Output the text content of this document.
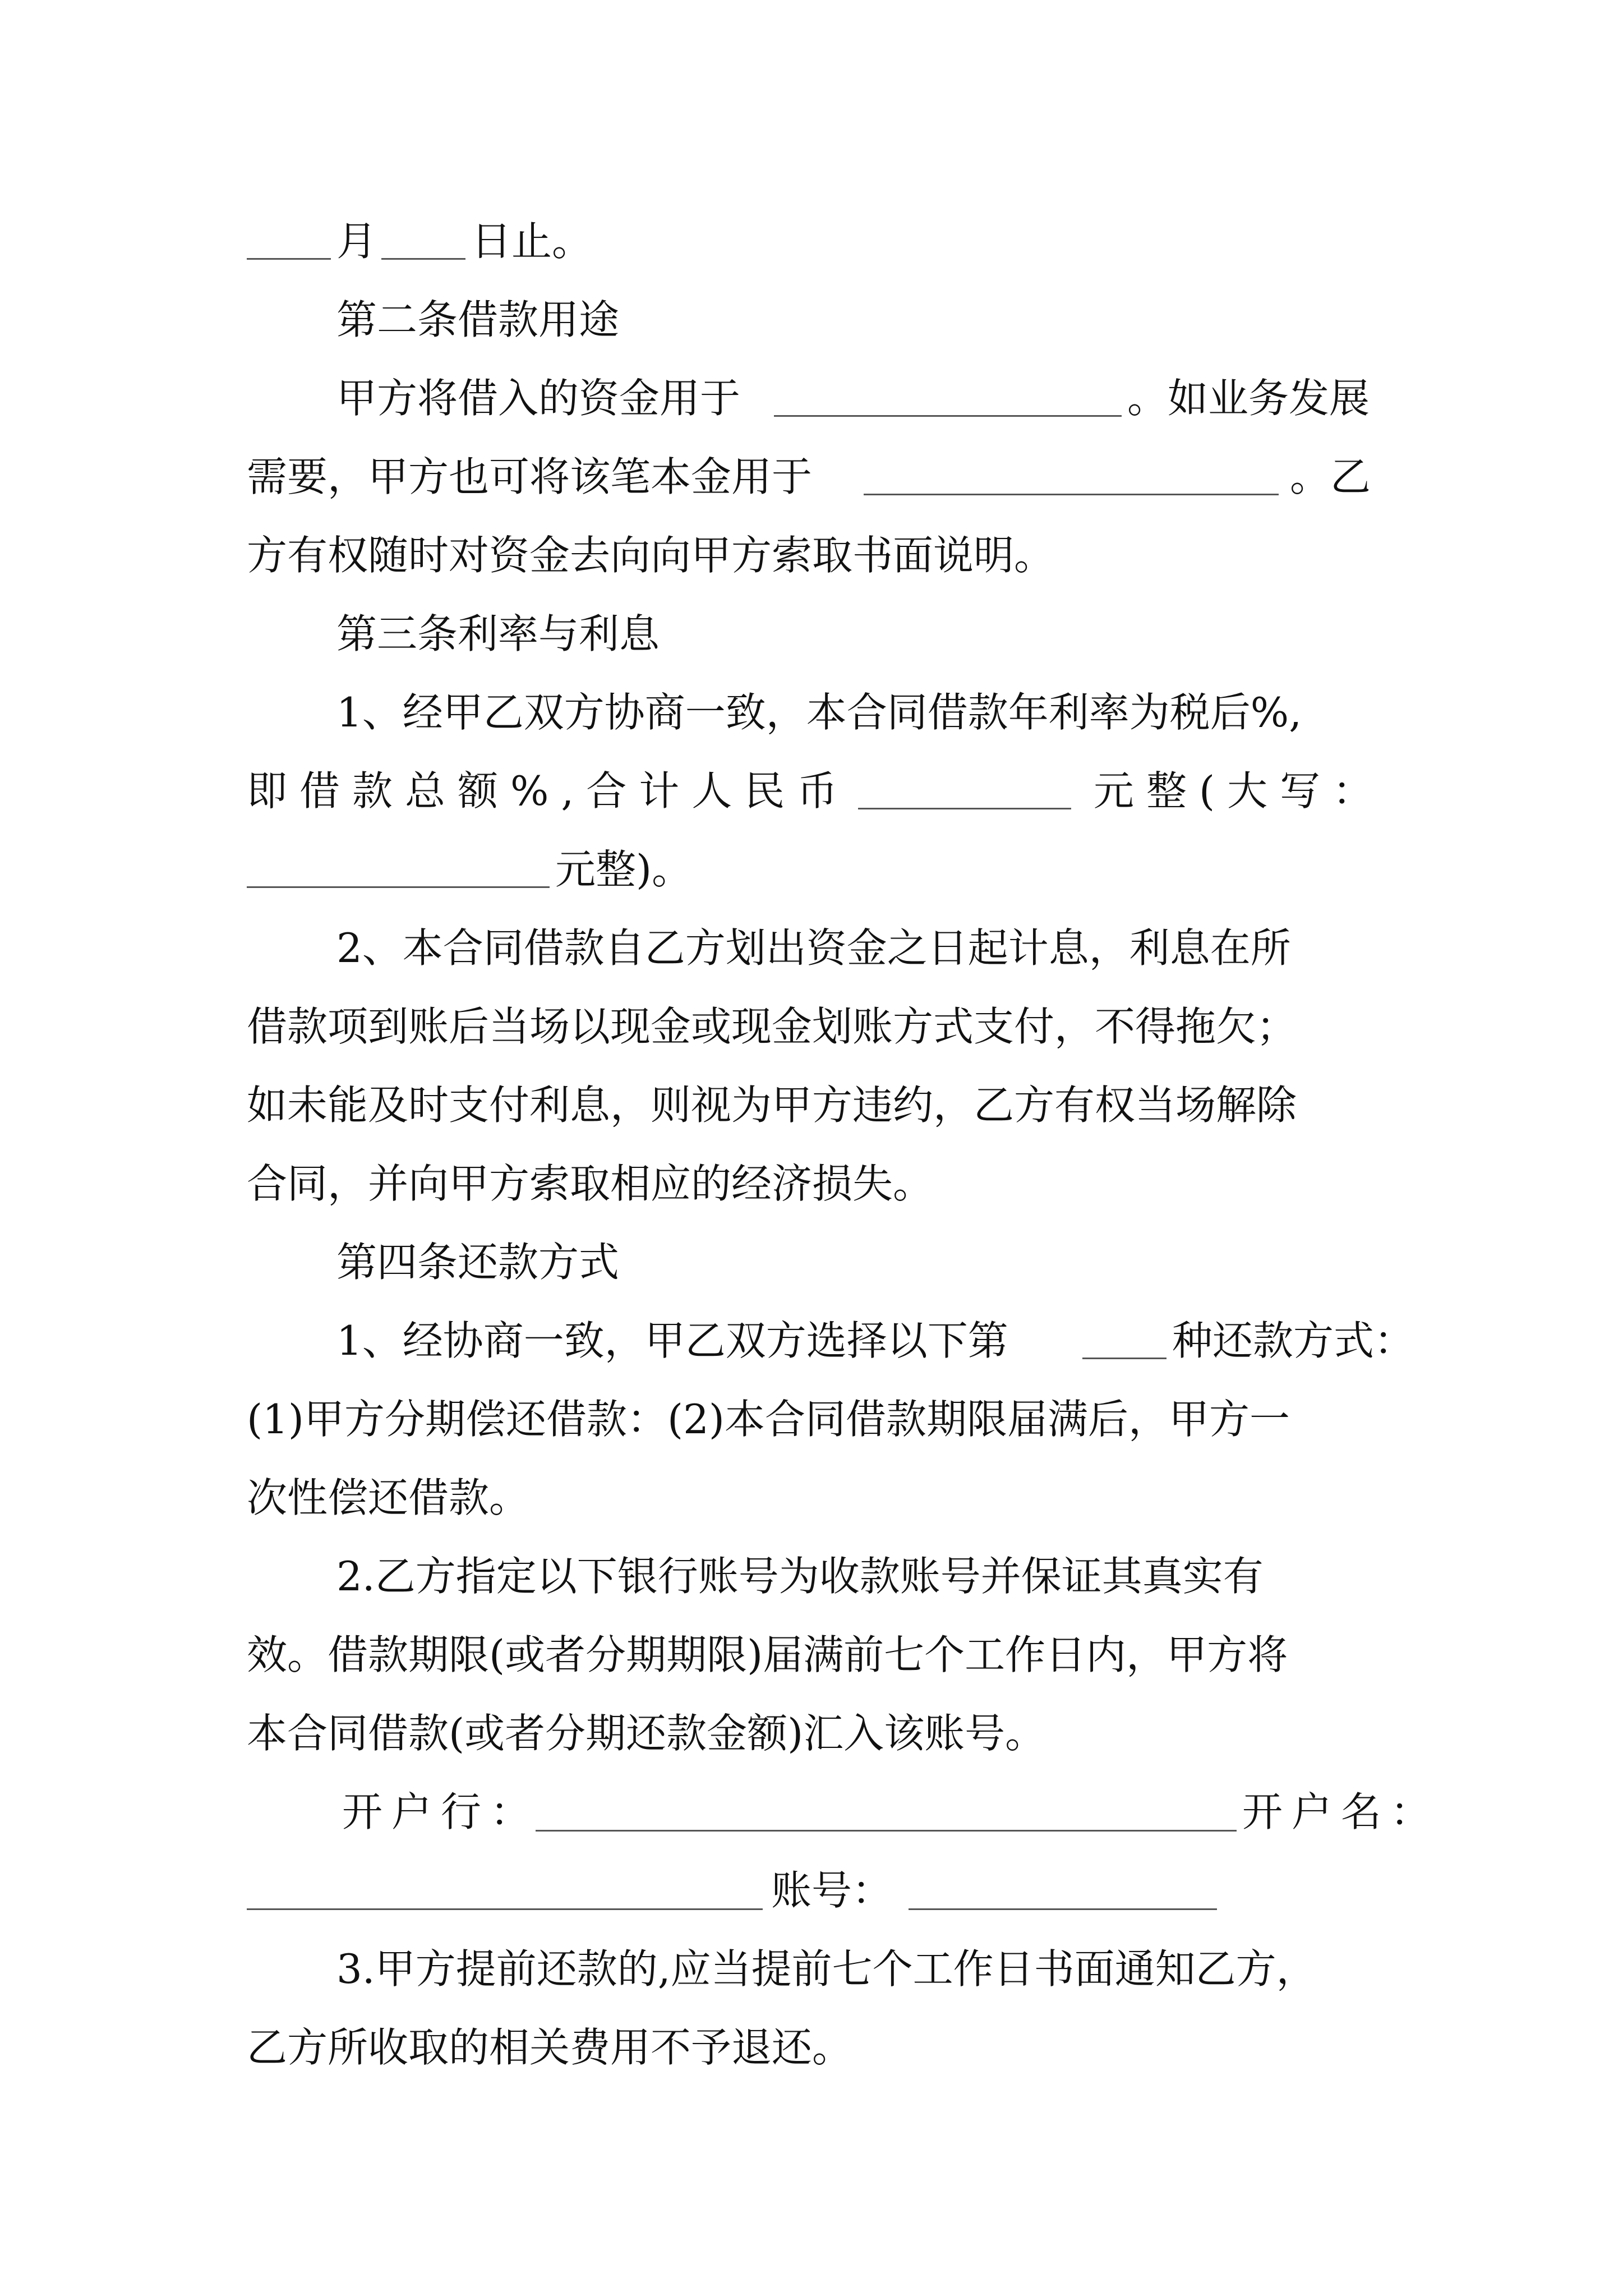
月 日止。
第二条借款用途
甲方将借入的资金用于	。如业务发展
需要，甲方也可将该笔本金用于	。乙
方有权随时对资金去向向甲方索取书面说明。
第三条利率与利息
1、经甲乙双方协商一致，本合同借款年利率为税后%,
即借款总额%,合计人民币	元整(大写：
元整)。
2、本合同借款自乙方划出资金之日起计息，利息在所
借款项到账后当场以现金或现金划账方式支付，不得拖欠；
如未能及时支付利息，则视为甲方违约，乙方有权当场解除
合同，并向甲方索取相应的经济损失。
第四条还款方式
1、经协商一致，甲乙双方选择以下第	种还款方式：
(1)甲方分期偿还借款：(2)本合同借款期限届满后，甲方一
次性偿还借款。
2.乙方指定以下银行账号为收款账号并保证其真实有
效。借款期限(或者分期期限)届满前七个工作日内，甲方将
本合同借款(或者分期还款金额)汇入该账号。
开户行：	开户名：
账号：
3.甲方提前还款的,应当提前七个工作日书面通知乙方，
乙方所收取的相关费用不予退还。
